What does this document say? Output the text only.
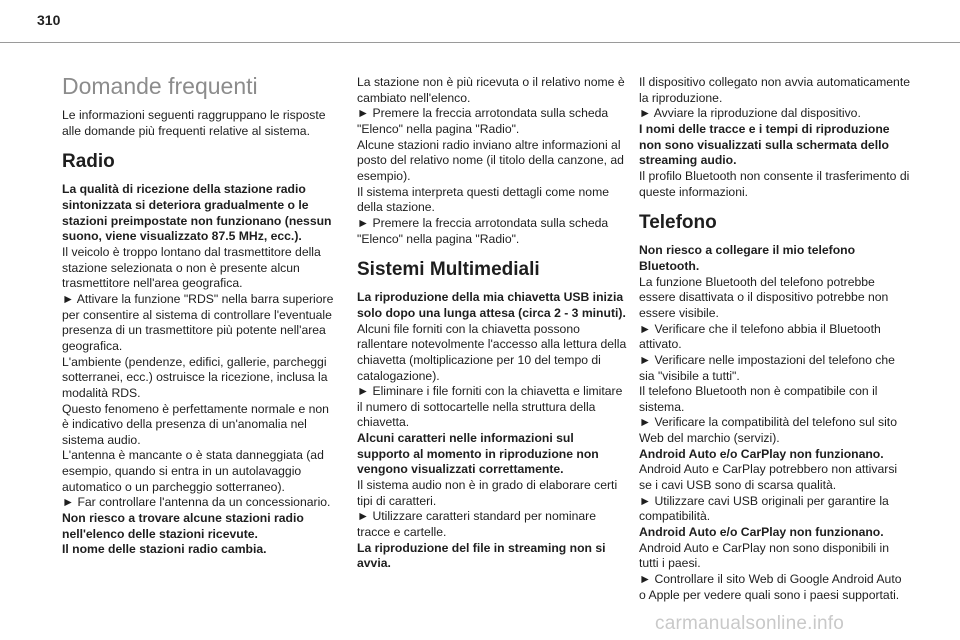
310
Domande frequenti
Le informazioni seguenti raggruppano le risposte alle domande più frequenti relative al sistema.
Radio
La qualità di ricezione della stazione radio sintonizzata si deteriora gradualmente o le stazioni preimpostate non funzionano (nessun suono, viene visualizzato 87.5 MHz, ecc.).
Il veicolo è troppo lontano dal trasmettitore della stazione selezionata o non è presente alcun trasmettitore nell'area geografica.
► Attivare la funzione "RDS" nella barra superiore per consentire al sistema di controllare l'eventuale presenza di un trasmettitore più potente nell'area geografica.
L'ambiente (pendenze, edifici, gallerie, parcheggi sotterranei, ecc.) ostruisce la ricezione, inclusa la modalità RDS.
Questo fenomeno è perfettamente normale e non è indicativo della presenza di un'anomalia nel sistema audio.
L'antenna è mancante o è stata danneggiata (ad esempio, quando si entra in un autolavaggio automatico o un parcheggio sotterraneo).
► Far controllare l'antenna da un concessionario.
Non riesco a trovare alcune stazioni radio nell'elenco delle stazioni ricevute.
Il nome delle stazioni radio cambia.
La stazione non è più ricevuta o il relativo nome è cambiato nell'elenco.
► Premere la freccia arrotondata sulla scheda "Elenco" nella pagina "Radio".
Alcune stazioni radio inviano altre informazioni al posto del relativo nome (il titolo della canzone, ad esempio).
Il sistema interpreta questi dettagli come nome della stazione.
► Premere la freccia arrotondata sulla scheda "Elenco" nella pagina "Radio".
Sistemi Multimediali
La riproduzione della mia chiavetta USB inizia solo dopo una lunga attesa (circa 2 - 3 minuti).
Alcuni file forniti con la chiavetta possono rallentare notevolmente l'accesso alla lettura della chiavetta (moltiplicazione per 10 del tempo di catalogazione).
► Eliminare i file forniti con la chiavetta e limitare il numero di sottocartelle nella struttura della chiavetta.
Alcuni caratteri nelle informazioni sul supporto al momento in riproduzione non vengono visualizzati correttamente.
Il sistema audio non è in grado di elaborare certi tipi di caratteri.
► Utilizzare caratteri standard per nominare tracce e cartelle.
La riproduzione del file in streaming non si avvia.
Il dispositivo collegato non avvia automaticamente la riproduzione.
► Avviare la riproduzione dal dispositivo.
I nomi delle tracce e i tempi di riproduzione non sono visualizzati sulla schermata dello streaming audio.
Il profilo Bluetooth non consente il trasferimento di queste informazioni.
Telefono
Non riesco a collegare il mio telefono Bluetooth.
La funzione Bluetooth del telefono potrebbe essere disattivata o il dispositivo potrebbe non essere visibile.
► Verificare che il telefono abbia il Bluetooth attivato.
► Verificare nelle impostazioni del telefono che sia "visibile a tutti".
Il telefono Bluetooth non è compatibile con il sistema.
► Verificare la compatibilità del telefono sul sito Web del marchio (servizi).
Android Auto e/o CarPlay non funzionano.
Android Auto e CarPlay potrebbero non attivarsi se i cavi USB sono di scarsa qualità.
► Utilizzare cavi USB originali per garantire la compatibilità.
Android Auto e/o CarPlay non funzionano.
Android Auto e CarPlay non sono disponibili in tutti i paesi.
► Controllare il sito Web di Google Android Auto o Apple per vedere quali sono i paesi supportati.
carmanualsonline.info
